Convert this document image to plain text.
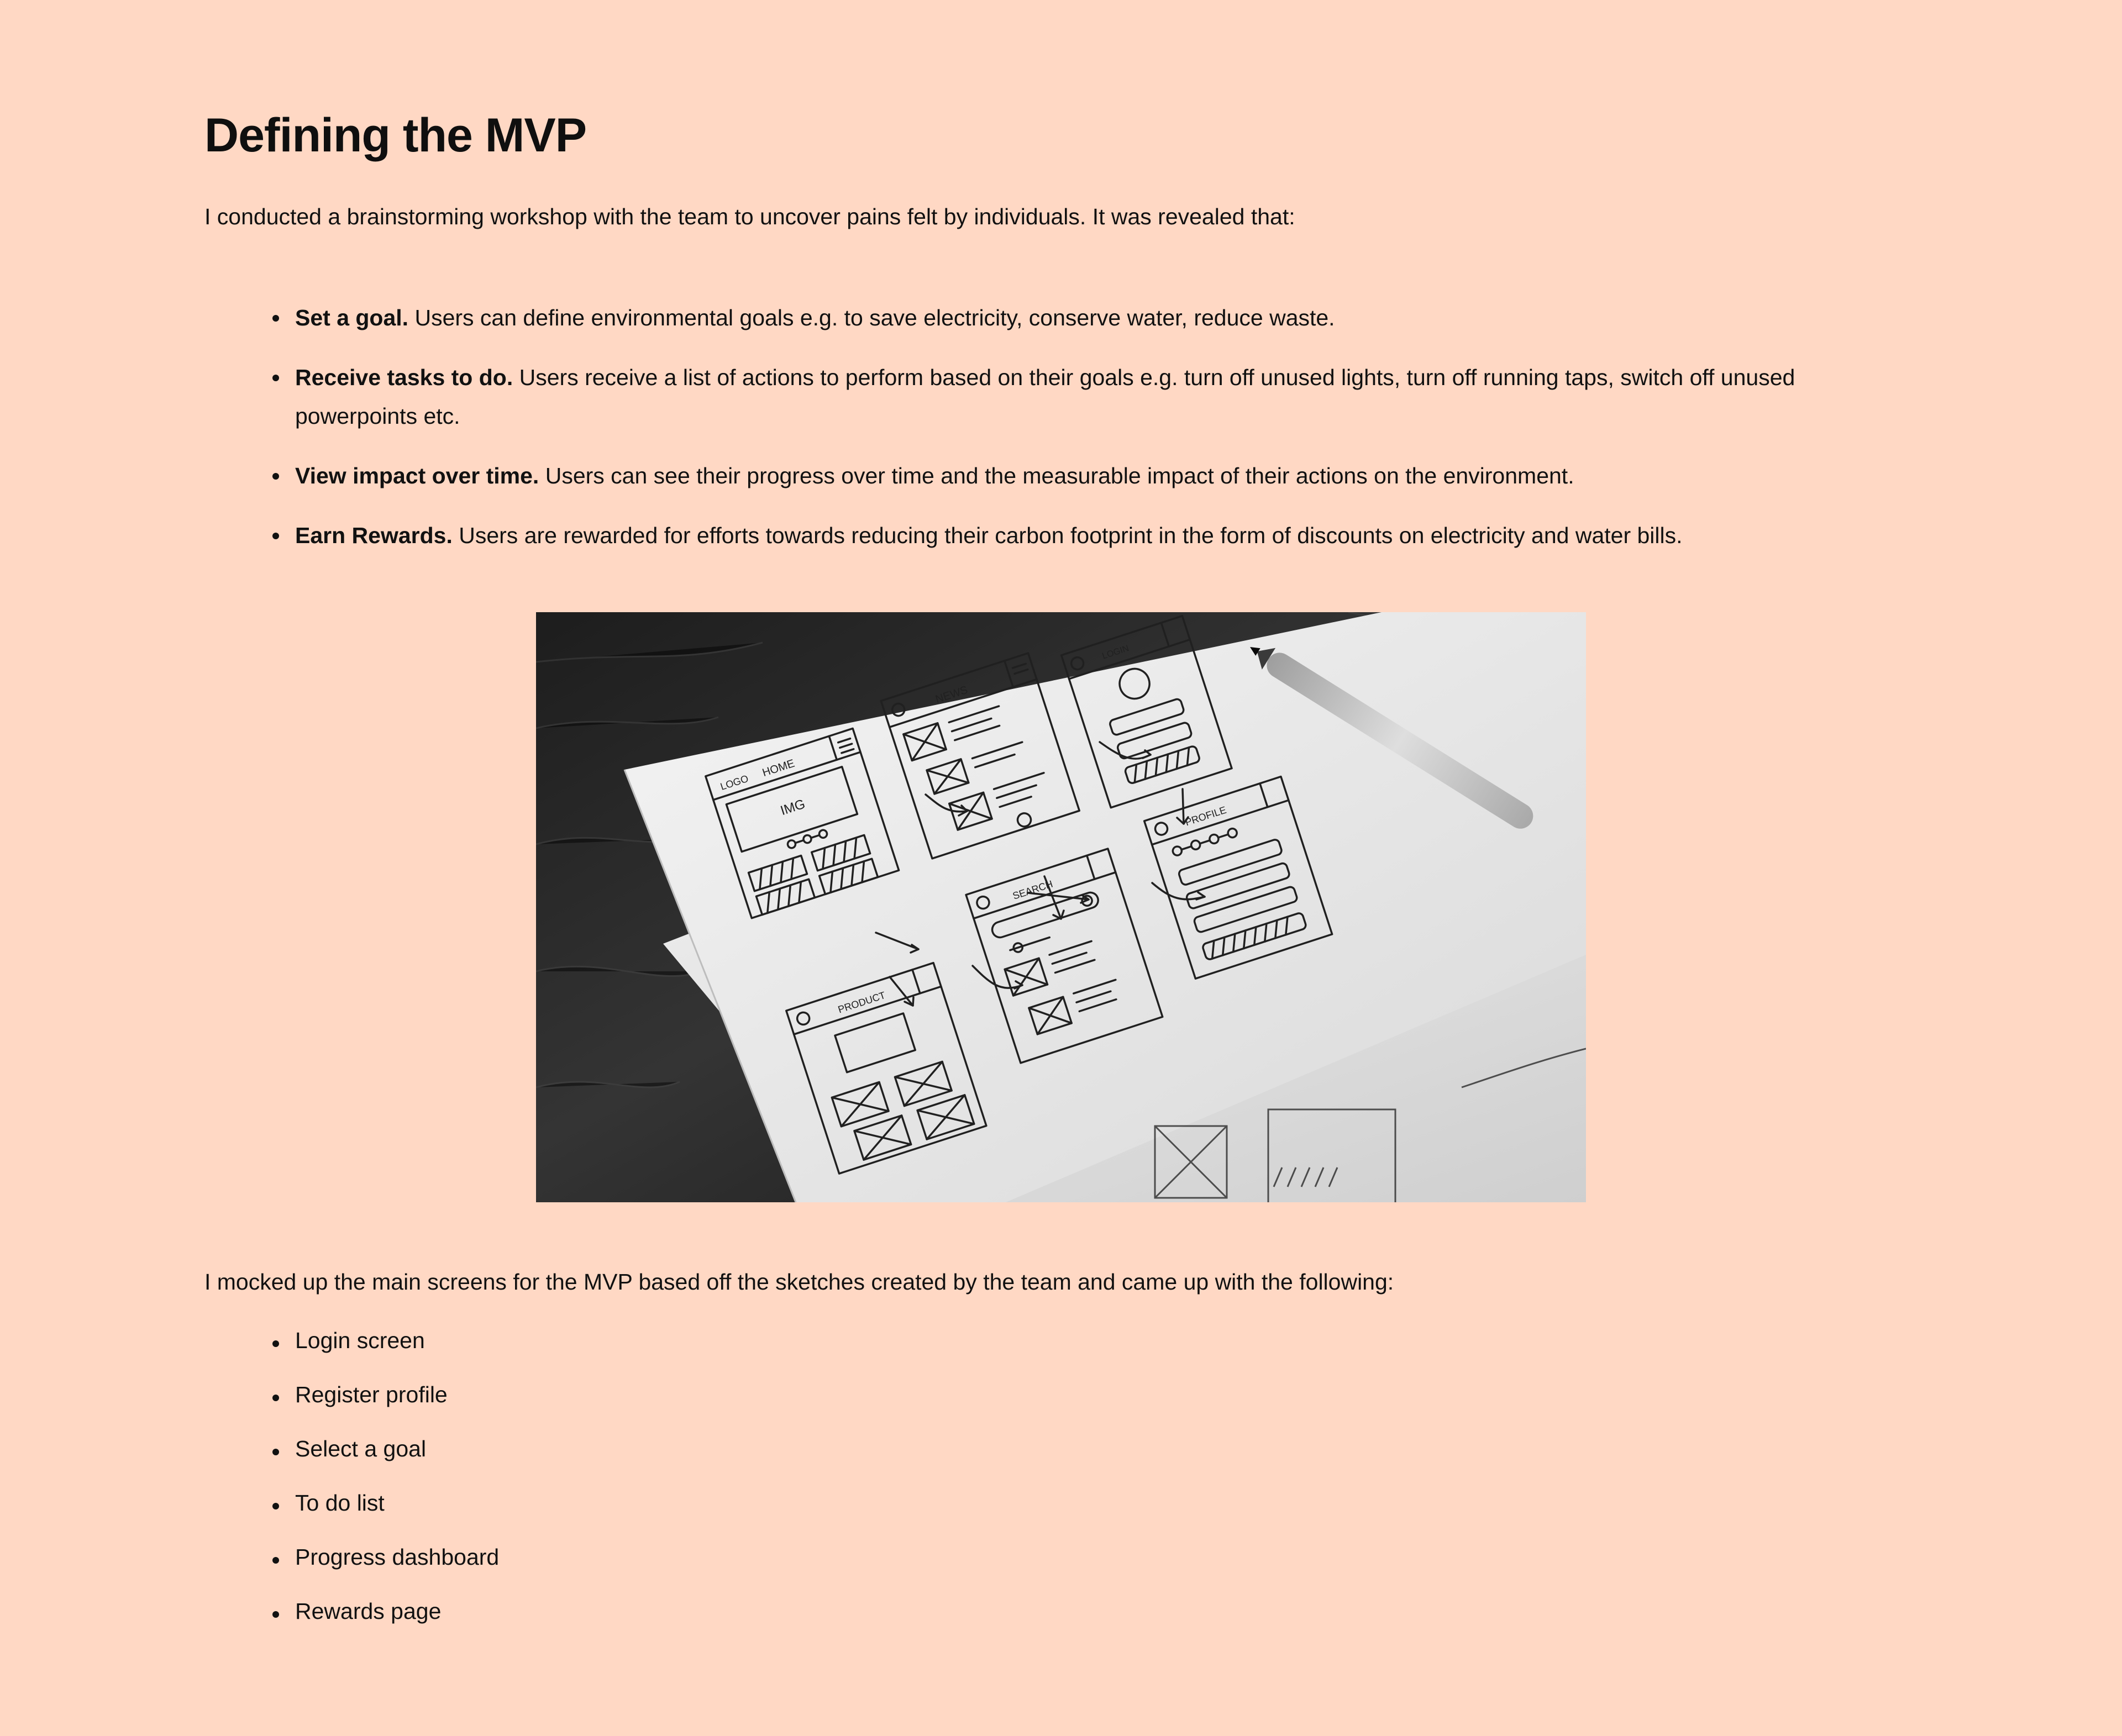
Defining the MVP

I conducted a brainstorming workshop with the team to uncover pains felt by individuals. It was revealed that:

Set a goal. Users can define environmental goals e.g. to save electricity, conserve water, reduce waste.
Receive tasks to do. Users receive a list of actions to perform based on their goals e.g. turn off unused lights, turn off running taps, switch off unused powerpoints etc.
View impact over time. Users can see their progress over time and the measurable impact of their actions on the environment.
Earn Rewards. Users are rewarded for efforts towards reducing their carbon footprint in the form of discounts on electricity and water bills.
LOGO
HOME
IMG
NEWS
LOGIN
PROFILE
SEARCH
PRODUCT

I mocked up the main screens for the MVP based off the sketches created by the team and came up with the following:

Login screen
Register profile
Select a goal
To do list
Progress dashboard
Rewards page
